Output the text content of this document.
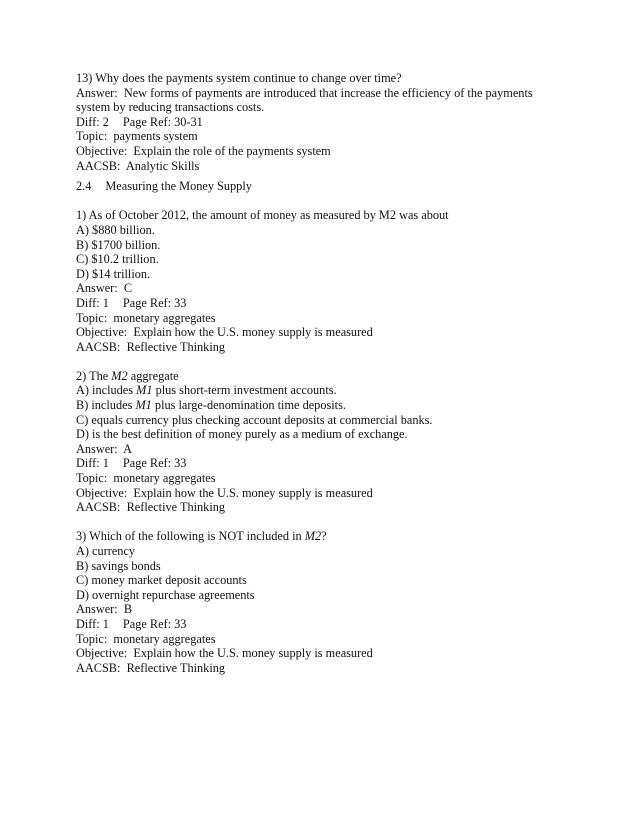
13) Why does the payments system continue to change over time?
Answer:  New forms of payments are introduced that increase the efficiency of the payments
system by reducing transactions costs.
Diff: 2 Page Ref: 30-31
Topic:  payments system
Objective:  Explain the role of the payments system
AACSB:  Analytic Skills
2.4 Measuring the Money Supply
1) As of October 2012, the amount of money as measured by M2 was about
A) $880 billion.
B) $1700 billion.
C) $10.2 trillion.
D) $14 trillion.
Answer:  C
Diff: 1 Page Ref: 33
Topic:  monetary aggregates
Objective:  Explain how the U.S. money supply is measured
AACSB:  Reflective Thinking
2) The M2 aggregate
A) includes M1 plus short-term investment accounts.
B) includes M1 plus large-denomination time deposits.
C) equals currency plus checking account deposits at commercial banks.
D) is the best definition of money purely as a medium of exchange.
Answer:  A
Diff: 1 Page Ref: 33
Topic:  monetary aggregates
Objective:  Explain how the U.S. money supply is measured
AACSB:  Reflective Thinking
3) Which of the following is NOT included in M2?
A) currency
B) savings bonds
C) money market deposit accounts
D) overnight repurchase agreements
Answer:  B
Diff: 1 Page Ref: 33
Topic:  monetary aggregates
Objective:  Explain how the U.S. money supply is measured
AACSB:  Reflective Thinking
